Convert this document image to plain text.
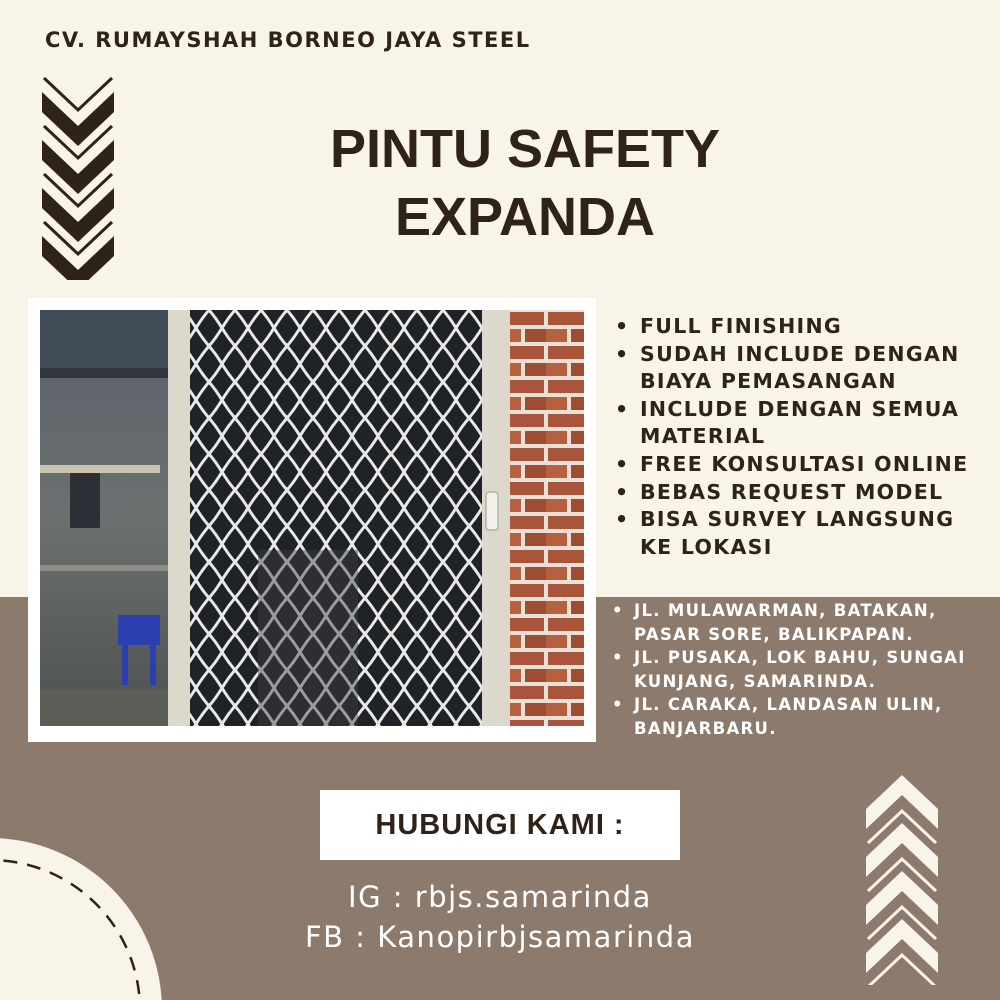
CV. RUMAYSHAH BORNEO JAYA STEEL
PINTU SAFETY
EXPANDA
• FULL FINISHING
• SUDAH INCLUDE DENGAN BIAYA PEMASANGAN
• INCLUDE DENGAN SEMUA MATERIAL
• FREE KONSULTASI ONLINE
• BEBAS REQUEST MODEL
• BISA SURVEY LANGSUNG KE LOKASI
• JL. MULAWARMAN, BATAKAN, PASAR SORE, BALIKPAPAN.
• JL. PUSAKA, LOK BAHU, SUNGAI KUNJANG, SAMARINDA.
• JL. CARAKA, LANDASAN ULIN, BANJARBARU.
HUBUNGI KAMI :
IG : rbjs.samarinda
FB : Kanopirbjsamarinda
